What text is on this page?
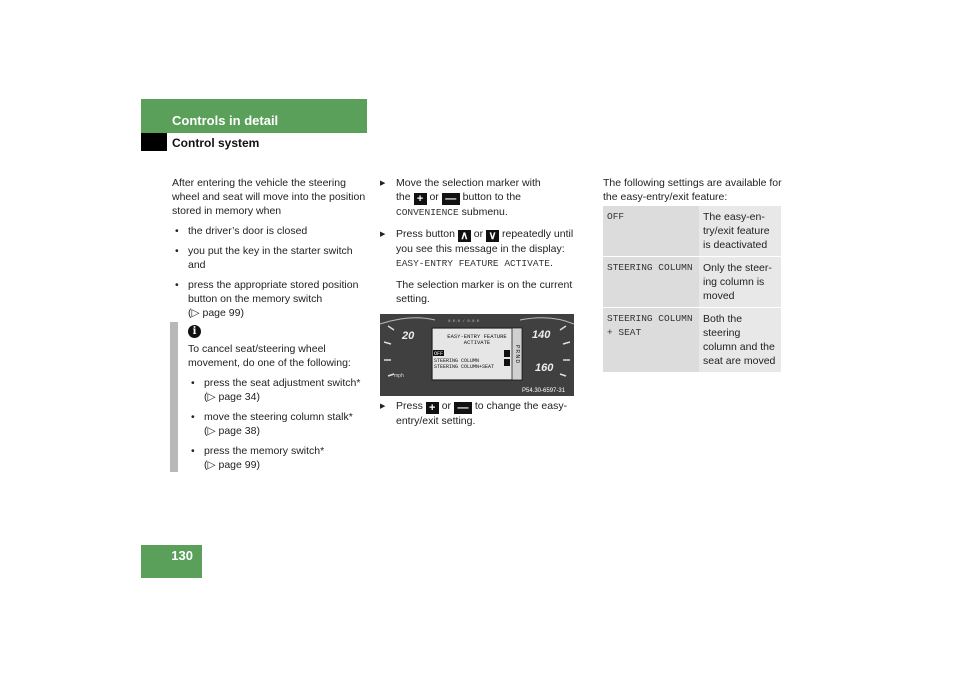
Controls in detail
Control system

After entering the vehicle the steering wheel and seat will move into the position stored in memory when

• the driver’s door is closed
• you put the key in the starter switch and
• press the appropriate stored position button on the memory switch
(▷ page 99)
i

To cancel seat/steering wheel movement, do one of the following:

• press the seat adjustment switch*
(▷ page 34)
• move the steering column stalk*
(▷ page 38)
• press the memory switch*
(▷ page 99)
▶ Move the selection marker with
the + or — button to the
CONVENIENCE submenu.
▶ Press button ∧ or ∨ repeatedly until you see this message in the display: EASY-ENTRY FEATURE ACTIVATE.

The selection marker is on the current setting.

20	140
160
mph
0.0.0 / 0.0.0
EASY-ENTRY FEATURE
ACTIVATE
OFF
STEERING COLUMN
STEERING COLUMN+SEAT
P R N D
P54.30-6597-31
▶ Press + or — to change the easy-entry/exit setting.

The following settings are available for the easy-entry/exit feature:

OFF	The easy-en-try/exit feature is deactivated
STEERING COLUMN	Only the steer-ing column is moved
STEERING COLUMN + SEAT	Both the steering column and the seat are moved
130
